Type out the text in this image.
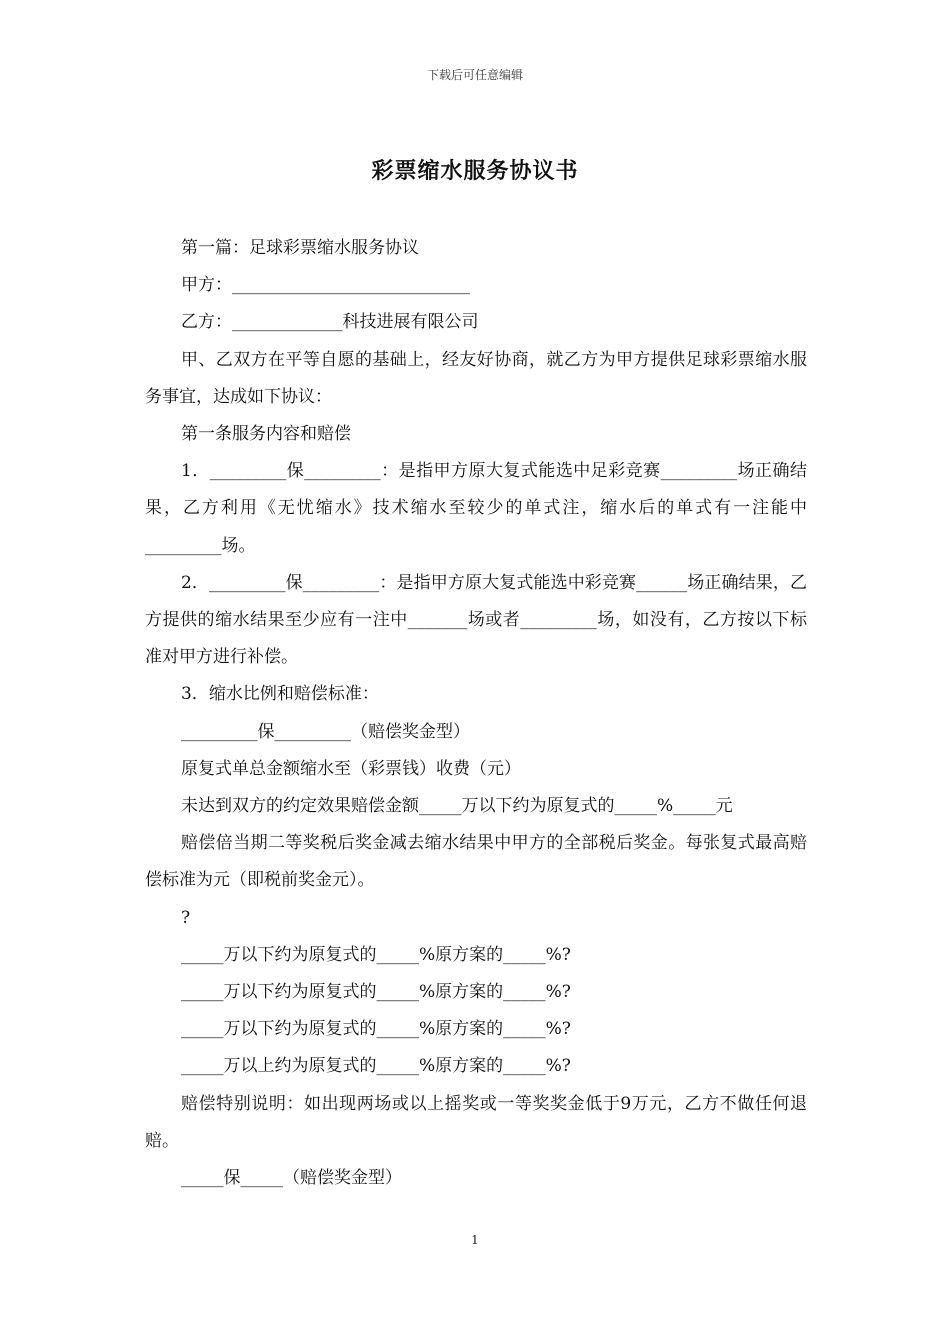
下载后可任意编辑
彩票缩水服务协议书

第一篇：足球彩票缩水服务协议

甲方：____________________________

乙方：_____________科技进展有限公司

甲、乙双方在平等自愿的基础上，经友好协商，就乙方为甲方提供足球彩票缩水服务事宜，达成如下协议：

第一条服务内容和赔偿

1．_________保_________：是指甲方原大复式能选中足彩竞赛_________场正确结果，乙方利用《无忧缩水》技术缩水至较少的单式注，缩水后的单式有一注能中_________场。

2．_________保_________：是指甲方原大复式能选中彩竞赛______场正确结果，乙方提供的缩水结果至少应有一注中_______场或者_________场，如没有，乙方按以下标准对甲方进行补偿。

3．缩水比例和赔偿标准：

_________保_________（赔偿奖金型）

原复式单总金额缩水至（彩票钱）收费（元）

未达到双方的约定效果赔偿金额_____万以下约为原复式的_____%_____元

赔偿倍当期二等奖税后奖金减去缩水结果中甲方的全部税后奖金。每张复式最高赔偿标准为元（即税前奖金元）。

?

_____万以下约为原复式的_____%原方案的_____%?

_____万以下约为原复式的_____%原方案的_____%?

_____万以下约为原复式的_____%原方案的_____%?

_____万以上约为原复式的_____%原方案的_____%?

赔偿特别说明：如出现两场或以上摇奖或一等奖奖金低于9万元，乙方不做任何退赔。

_____保_____（赔偿奖金型）

1
